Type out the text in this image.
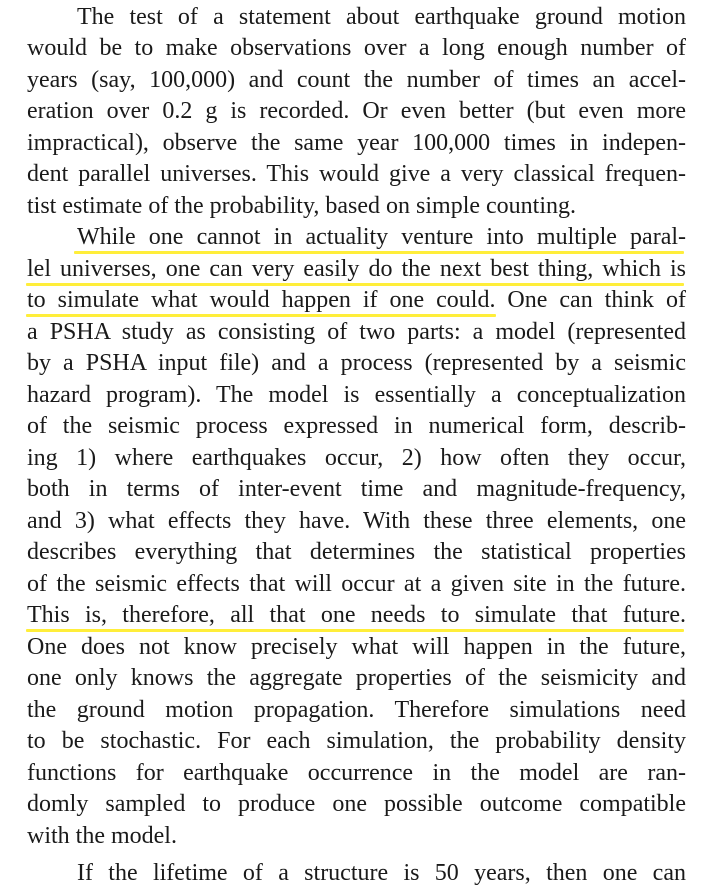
The test of a statement about earthquake ground motion
would be to make observations over a long enough number of
years (say, 100,000) and count the number of times an accel-
eration over 0.2 g is recorded. Or even better (but even more
impractical), observe the same year 100,000 times in indepen-
dent parallel universes. This would give a very classical frequen-
tist estimate of the probability, based on simple counting.
While one cannot in actuality venture into multiple paral-
lel universes, one can very easily do the next best thing, which is
to simulate what would happen if one could. One can think of
a PSHA study as consisting of two parts: a model (represented
by a PSHA input file) and a process (represented by a seismic
hazard program). The model is essentially a conceptualization
of the seismic process expressed in numerical form, describ-
ing 1) where earthquakes occur, 2) how often they occur,
both in terms of inter-event time and magnitude-frequency,
and 3) what effects they have. With these three elements, one
describes everything that determines the statistical properties
of the seismic effects that will occur at a given site in the future.
This is, therefore, all that one needs to simulate that future.
One does not know precisely what will happen in the future,
one only knows the aggregate properties of the seismicity and
the ground motion propagation. Therefore simulations need
to be stochastic. For each simulation, the probability density
functions for earthquake occurrence in the model are ran-
domly sampled to produce one possible outcome compatible
with the model.
If the lifetime of a structure is 50 years, then one can
